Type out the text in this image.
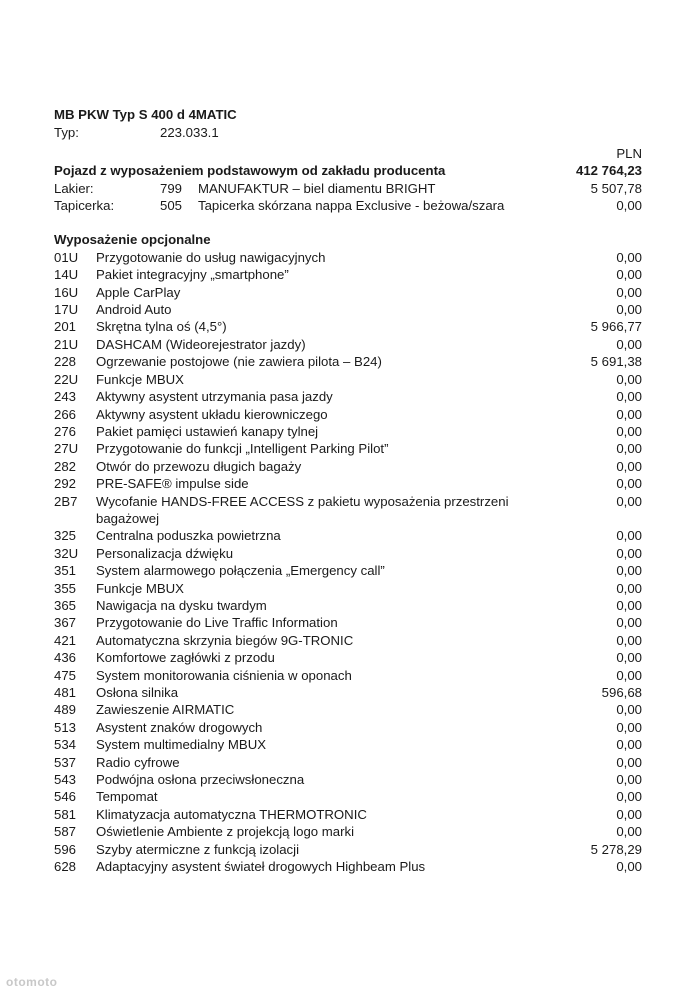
MB PKW Typ S 400 d 4MATIC
Typ:	223.033.1
PLN
Pojazd z wyposażeniem podstawowym od zakładu producenta	412 764,23
Lakier:	799	MANUFAKTUR – biel diamentu BRIGHT	5 507,78
Tapicerka:	505	Tapicerka skórzana nappa Exclusive - beżowa/szara	0,00
Wyposażenie opcjonalne
01U	Przygotowanie do usług nawigacyjnych	0,00
14U	Pakiet integracyjny „smartphone”	0,00
16U	Apple CarPlay	0,00
17U	Android Auto	0,00
201	Skrętna tylna oś (4,5°)	5 966,77
21U	DASHCAM (Wideorejestrator jazdy)	0,00
228	Ogrzewanie postojowe (nie zawiera pilota – B24)	5 691,38
22U	Funkcje MBUX	0,00
243	Aktywny asystent utrzymania pasa jazdy	0,00
266	Aktywny asystent układu kierowniczego	0,00
276	Pakiet pamięci ustawień kanapy tylnej	0,00
27U	Przygotowanie do funkcji „Intelligent Parking Pilot”	0,00
282	Otwór do przewozu długich bagaży	0,00
292	PRE-SAFE® impulse side	0,00
2B7	Wycofanie HANDS-FREE ACCESS z pakietu wyposażenia przestrzeni bagażowej
0,00
325	Centralna poduszka powietrzna	0,00
32U	Personalizacja dźwięku	0,00
351	System alarmowego połączenia „Emergency call”	0,00
355	Funkcje MBUX	0,00
365	Nawigacja na dysku twardym	0,00
367	Przygotowanie do Live Traffic Information	0,00
421	Automatyczna skrzynia biegów 9G-TRONIC	0,00
436	Komfortowe zagłówki z przodu	0,00
475	System monitorowania ciśnienia w oponach	0,00
481	Osłona silnika	596,68
489	Zawieszenie AIRMATIC	0,00
513	Asystent znaków drogowych	0,00
534	System multimedialny MBUX	0,00
537	Radio cyfrowe	0,00
543	Podwójna osłona przeciwsłoneczna	0,00
546	Tempomat	0,00
581	Klimatyzacja automatyczna THERMOTRONIC	0,00
587	Oświetlenie Ambiente z projekcją logo marki	0,00
596	Szyby atermiczne z funkcją izolacji	5 278,29
628	Adaptacyjny asystent świateł drogowych Highbeam Plus	0,00
otomoto
